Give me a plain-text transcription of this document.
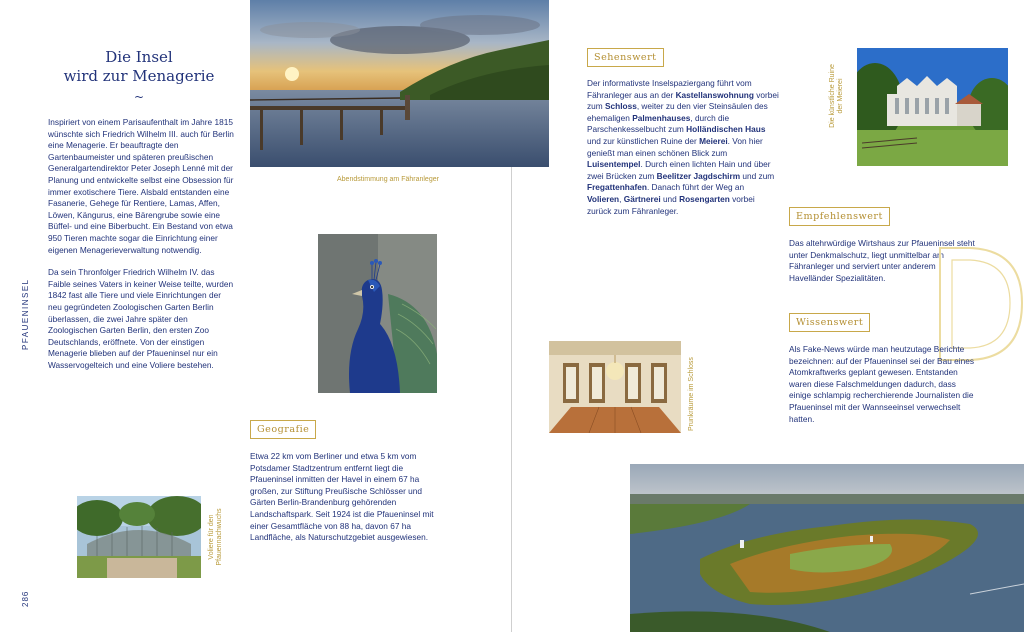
Die Insel
wird zur Menagerie
~

Inspiriert von einem Parisaufenthalt im Jahre 1815 wünschte sich Friedrich Wilhelm III. auch für Berlin eine Menagerie. Er beauftragte den Gartenbaumeister und späteren preußischen Generalgartendirektor Peter Joseph Lenné mit der Planung und entwickelte selbst eine Obsession für immer exotischere Tiere. Alsbald entstanden eine Fasanerie, Gehege für Rentiere, Lamas, Affen, Löwen, Kängurus, eine Bärengrube sowie eine Büffel- und eine Biberbucht. Ein Bestand von etwa 950 Tieren machte sogar die Einrichtung einer eigenen Menagerieverwaltung notwendig.

Da sein Thronfolger Friedrich Wilhelm IV. das Faible seines Vaters in keiner Weise teilte, wurden 1842 fast alle Tiere und viele Einrichtungen der neu gegründeten Zoologischen Garten Berlin überlassen, die zwei Jahre später den Zoologischen Garten Berlin, den ersten Zoo Deutschlands, eröffnete. Von der einstigen Menagerie blieben auf der Pfaueninsel nur ein Wasservogelteich und eine Voliere bestehen.

PFAUENINSEL
286
Voliere für den Pfauennachwuchs
Abendstimmung am Fähranleger
Geografie
Etwa 22 km vom Berliner und etwa 5 km vom Potsdamer Stadtzentrum entfernt liegt die Pfaueninsel inmitten der Havel in einem 67 ha großen, zur Stiftung Preußische Schlösser und Gärten Berlin-Brandenburg gehörenden Landschaftspark. Seit 1924 ist die Pfaueninsel mit einer Gesamtfläche von 88 ha, davon 67 ha Landfläche, als Naturschutzgebiet ausgewiesen.
Sehenswert
Der informativste Inselspaziergang führt vom Fähranleger aus an der Kastellanswohnung vorbei zum Schloss, weiter zu den vier Steinsäulen des ehemaligen Palmenhauses, durch die Parschenkesselbucht zum Holländischen Haus und zur künstlichen Ruine der Meierei. Von hier genießt man einen schönen Blick zum Luisentempel. Durch einen lichten Hain und über zwei Brücken zum Beelitzer Jagdschirm und zum Fregattenhafen. Danach führt der Weg an Volieren, Gärtnerei und Rosengarten vorbei zurück zum Fähranleger.
Die künstliche Ruine der Meierei
Empfehlenswert
Das altehrwürdige Wirtshaus zur Pfaueninsel steht unter Denkmalschutz, liegt unmittelbar am Fähranleger und serviert unter anderem Havelländer Spezialitäten.
Wissenswert
Als Fake-News würde man heutzutage Berichte bezeichnen: auf der Pfaueninsel sei der Bau eines Atomkraftwerks geplant gewesen. Entstanden waren diese Falschmeldungen dadurch, dass einige schlampig recherchierende Journalisten die Pfaueninsel mit der Wannseeinsel verwechselt hatten.
Prunkräume im Schloss
